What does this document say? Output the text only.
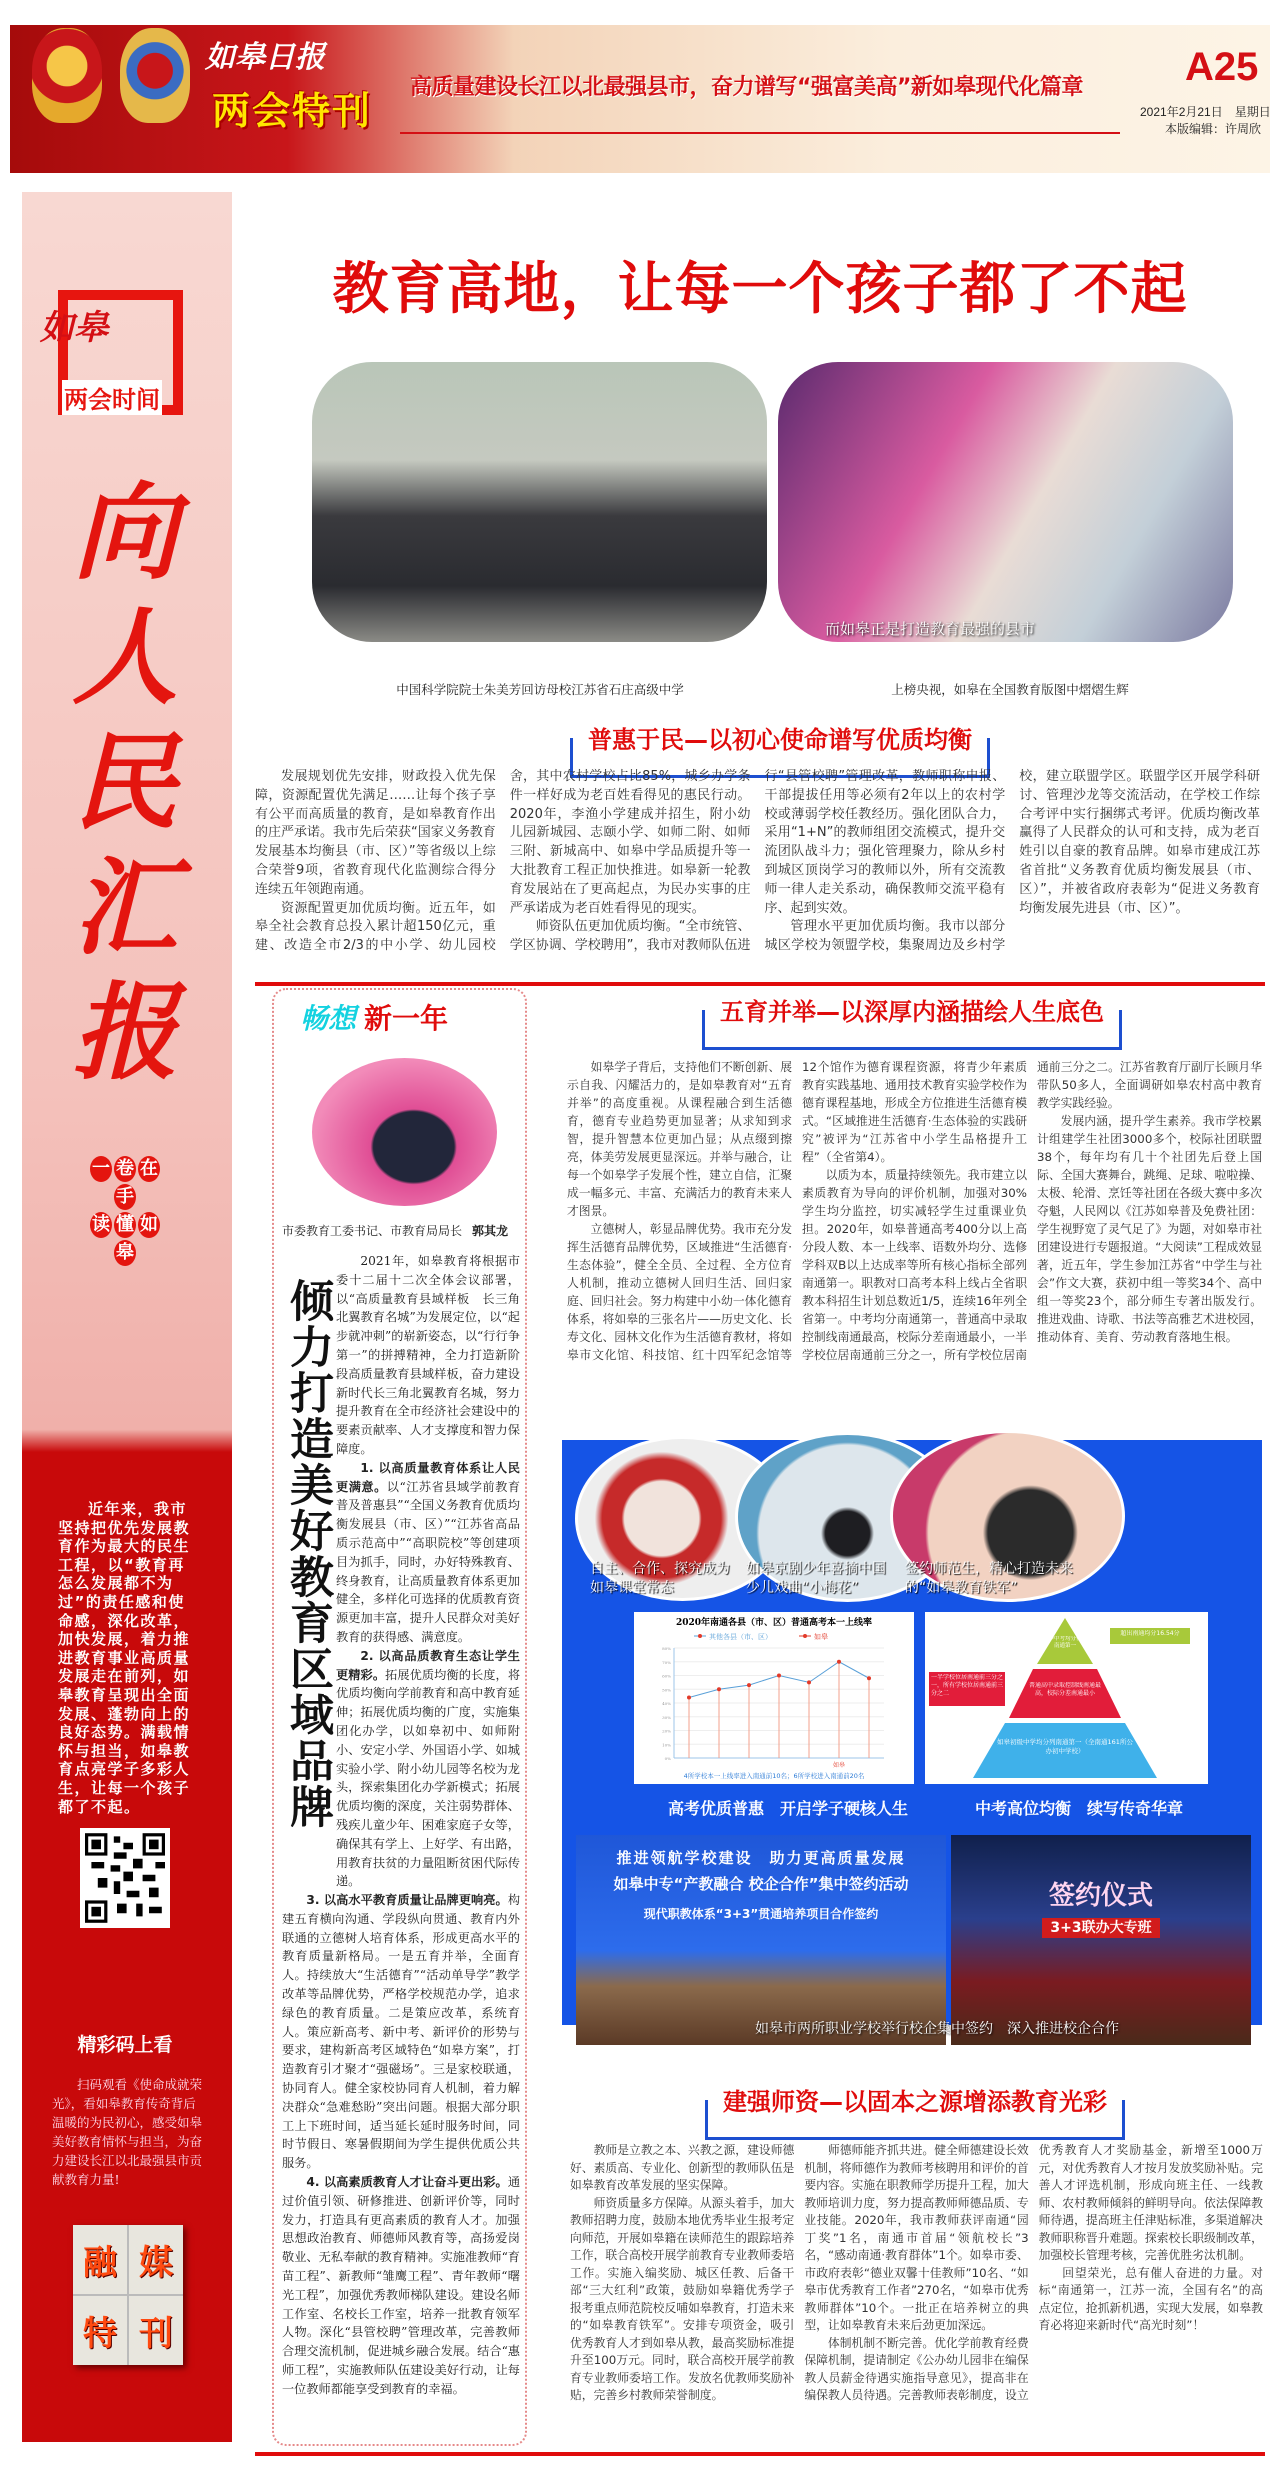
如皋日报
两会特刊
高质量建设长江以北最强县市，奋力谱写“强富美高”新如皋现代化篇章	A25
2021年2月21日　星期日
本版编辑：许周欣
如皋
两会时间
向人民汇报
一 卷 在手
读 懂 如皋
近年来，我市坚持把优先发展教育作为最大的民生工程，以“教育再怎么发展都不为过”的责任感和使命感，深化改革，加快发展，着力推进教育事业高质量发展走在前列，如皋教育呈现出全面发展、蓬勃向上的良好态势。满载情怀与担当，如皋教育点亮学子多彩人生，让每一个孩子都了不起。
精彩码上看
扫码观看《使命成就荣光》，看如皋教育传奇背后温暖的为民初心，感受如皋美好教育情怀与担当，为奋力建设长江以北最强县市贡献教育力量!
融 媒
特 刊
教育高地，让每一个孩子都了不起
而如皋正是打造教育最强的县市
中国科学院院士朱美芳回访母校江苏省石庄高级中学	上榜央视，如皋在全国教育版图中熠熠生辉
普惠于民—以初心使命谱写优质均衡

发展规划优先安排，财政投入优先保障，资源配置优先满足……让每个孩子享有公平而高质量的教育，是如皋教育作出的庄严承诺。我市先后荣获“国家义务教育发展基本均衡县（市、区）”等省级以上综合荣誉9项，省教育现代化监测综合得分连续五年领跑南通。

资源配置更加优质均衡。近五年，如皋全社会教育总投入累计超150亿元，重建、改造全市2/3的中小学、幼儿园校舍，其中农村学校占比85%，城乡办学条件一样好成为老百姓看得见的惠民行动。2020年，李渔小学建成并招生，附小幼儿园新城园、志颐小学、如师二附、如师三附、新城高中、如皋中学品质提升等一大批教育工程正加快推进。如皋新一轮教育发展站在了更高起点，为民办实事的庄严承诺成为老百姓看得见的现实。

师资队伍更加优质均衡。“全市统管、学区协调、学校聘用”，我市对教师队伍进行“县管校聘”管理改革，教师职称申报、干部提拔任用等必须有2年以上的农村学校或薄弱学校任教经历。强化团队合力，采用“1+N”的教师组团交流模式，提升交流团队战斗力；强化管理聚力，除从乡村到城区顶岗学习的教师以外，所有交流教师一律人走关系动，确保教师交流平稳有序、起到实效。

管理水平更加优质均衡。我市以部分城区学校为领盟学校，集聚周边及乡村学校，建立联盟学区。联盟学区开展学科研讨、管理沙龙等交流活动，在学校工作综合考评中实行捆绑式考评。优质均衡改革赢得了人民群众的认可和支持，成为老百姓引以自豪的教育品牌。如皋市建成江苏省首批“义务教育优质均衡发展县（市、区）”，并被省政府表彰为“促进义务教育均衡发展先进县（市、区）”。

畅想 新一年
市委教育工委书记、市教育局局长 郭其龙
倾力打造美好教育区域品牌

2021年，如皋教育将根据市委十二届十二次全体会议部署，以“高质量教育县域样板　长三角北翼教育名城”为发展定位，以“起步就冲刺”的崭新姿态，以“行行争第一”的拼搏精神，全力打造新阶段高质量教育县域样板，奋力建设新时代长三角北翼教育名城，努力提升教育在全市经济社会建设中的要素贡献率、人才支撑度和智力保障度。

1. 以高质量教育体系让人民更满意。以“江苏省县域学前教育普及普惠县”“全国义务教育优质均衡发展县（市、区）”“江苏省高品质示范高中”“高职院校”等创建项目为抓手，同时，办好特殊教育、终身教育，让高质量教育体系更加健全，多样化可选择的优质教育资源更加丰富，提升人民群众对美好教育的获得感、满意度。

2. 以高品质教育生态让学生更精彩。拓展优质均衡的长度，将优质均衡向学前教育和高中教育延伸；拓展优质均衡的广度，实施集团化办学，以如皋初中、如师附小、安定小学、外国语小学、如城实验小学、附小幼儿园等名校为龙头，探索集团化办学新模式；拓展优质均衡的深度，关注弱势群体、残疾儿童少年、困难家庭子女等，确保其有学上、上好学、有出路，用教育扶贫的力量阻断贫困代际传递。

3. 以高水平教育质量让品牌更响亮。构建五育横向沟通、学段纵向贯通、教育内外联通的立德树人培育体系，形成更高水平的教育质量新格局。一是五育并举，全面育人。持续放大“生活德育”“活动单导学”教学改革等品牌优势，严格学校规范办学，追求绿色的教育质量。二是策应改革，系统育人。策应新高考、新中考、新评价的形势与要求，建构新高考区域特色“如皋方案”，打造教育引才聚才“强磁场”。三是家校联通，协同育人。健全家校协同育人机制，着力解决群众“急难愁盼”突出问题。根据大部分职工上下班时间，适当延长延时服务时间，同时节假日、寒暑假期间为学生提供优质公共服务。

4. 以高素质教育人才让奋斗更出彩。通过价值引领、研修推进、创新评价等，同时发力，打造具有更高素质的教育人才。加强思想政治教育、师德师风教育等，高扬爱岗敬业、无私奉献的教育精神。实施准教师“育苗工程”、新教师“雏鹰工程”、青年教师“曙光工程”，加强优秀教师梯队建设。建设名师工作室、名校长工作室，培养一批教育领军人物。深化“县管校聘”管理改革，完善教师合理交流机制，促进城乡融合发展。结合“惠师工程”，实施教师队伍建设美好行动，让每一位教师都能享受到教育的幸福。

五育并举—以深厚内涵描绘人生底色

如皋学子背后，支持他们不断创新、展示自我、闪耀活力的，是如皋教育对“五育并举”的高度重视。从课程融合到生活德育，德育专业趋势更加显著；从求知到求智，提升智慧本位更加凸显；从点缀到擦亮，体美劳发展更显深远。并举与融合，让每一个如皋学子发展个性，建立自信，汇聚成一幅多元、丰富、充满活力的教育未来人才图景。

立德树人，彰显品牌优势。我市充分发挥生活德育品牌优势，区域推进“生活德育·生态体验”，健全全员、全过程、全方位育人机制，推动立德树人回归生活、回归家庭、回归社会。努力构建中小幼一体化德育体系，将如皋的三张名片——历史文化、长寿文化、园林文化作为生活德育教材，将如皋市文化馆、科技馆、红十四军纪念馆等12个馆作为德育课程资源，将青少年素质教育实践基地、通用技术教育实验学校作为德育课程基地，形成全方位推进生活德育模式。“区域推进生活德育·生态体验的实践研究”被评为“江苏省中小学生品格提升工程”（全省第4）。

以质为本，质量持续领先。我市建立以素质教育为导向的评价机制，加强对30%学生均分监控，切实减轻学生过重课业负担。2020年，如皋普通高考400分以上高分段人数、本一上线率、语数外均分、选修学科双B以上达成率等所有核心指标全部列南通第一。职教对口高考本科上线占全省职教本科招生计划总数近1/5，连续16年列全省第一。中考均分南通第一，普通高中录取控制线南通最高，校际分差南通最小，一半学校位居南通前三分之一，所有学校位居南通前三分之二。江苏省教育厅副厅长顾月华带队50多人，全面调研如皋农村高中教育教学实践经验。

发展内涵，提升学生素养。我市学校累计组建学生社团3000多个，校际社团联盟38个，每年均有几十个社团先后登上国际、全国大赛舞台，跳绳、足球、啦啦操、太极、轮滑、烹饪等社团在各级大赛中多次夺魁，人民网以《江苏如皋普及免费社团：学生视野宽了灵气足了》为题，对如皋市社团建设进行专题报道。“大阅读”工程成效显著，近五年，学生参加江苏省“中学生与社会”作文大赛，获初中组一等奖34个、高中组一等奖23个，部分师生专著出版发行。推进戏曲、诗歌、书法等高雅艺术进校园，推动体育、美育、劳动教育落地生根。

自主、合作、探究成为如皋课堂常态
如皋京剧少年喜摘中国少儿戏曲“小梅花”
签约师范生，精心打造未来的“如皋教育铁军”
2020年南通各县（市、区）普通高考本一上线率
其他各县（市、区）	如皋
0%
10%
20%
30%
40%
50%
60%
70%
80%
如皋
4所学校本一上线率进入南通前10名；6所学校进入南通前20名
如皋中考均分位列南通第一
超出南通均分16.54分
普通高中录取控制线南通最高，校际分差南通最小
一半学校位居南通前三分之一，所有学校位居南通前三分之二
如皋初级中学均分列南通第一（全南通161所公办初中学校）
高考优质普惠　开启学子硬核人生	中考高位均衡　续写传奇华章
推进领航学校建设　助力更高质量发展
如皋中专“产教融合 校企合作”集中签约活动
现代职教体系“3+3”贯通培养项目合作签约
签约仪式
3+3联办大专班
如皋市两所职业学校举行校企集中签约　深入推进校企合作
建强师资—以固本之源增添教育光彩

教师是立教之本、兴教之源，建设师德好、素质高、专业化、创新型的教师队伍是如皋教育改革发展的坚实保障。

师资质量多方保障。从源头着手，加大教师招聘力度，鼓励本地优秀毕业生报考定向师范，开展如皋籍在读师范生的跟踪培养工作，联合高校开展学前教育专业教师委培工作。实施入编奖励、城区任教、后备干部“三大红利”政策，鼓励如皋籍优秀学子报考重点师范院校反哺如皋教育，打造未来的“如皋教育铁军”。安排专项资金，吸引优秀教育人才到如皋从教，最高奖励标准提升至100万元。同时，联合高校开展学前教育专业教师委培工作。发放名优教师奖励补贴，完善乡村教师荣誉制度。

师德师能齐抓共进。健全师德建设长效机制，将师德作为教师考核聘用和评价的首要内容。实施在职教师学历提升工程，加大教师培训力度，努力提高教师师德品质、专业技能。2020年，我市教师获评南通“园丁奖”1名，南通市首届“领航校长”3名，“感动南通·教育群体”1个。如皋市委、市政府表彰“德业双馨十佳教师”10名、“如皋市优秀教育工作者”270名，“如皋市优秀教师群体”10个。一批正在培养树立的典型，让如皋教育未来后劲更加深远。

体制机制不断完善。优化学前教育经费保障机制，提请制定《公办幼儿园非在编保教人员薪金待遇实施指导意见》，提高非在编保教人员待遇。完善教师表彰制度，设立优秀教育人才奖励基金，新增至1000万元，对优秀教育人才按月发放奖励补贴。完善人才评选机制，形成向班主任、一线教师、农村教师倾斜的鲜明导向。依法保障教师待遇，提高班主任津贴标准，多渠道解决教师职称晋升难题。探索校长职级制改革，加强校长管理考核，完善优胜劣汰机制。

回望荣光，总有催人奋进的力量。对标“南通第一，江苏一流，全国有名”的高点定位，抢抓新机遇，实现大发展，如皋教育必将迎来新时代“高光时刻”！
